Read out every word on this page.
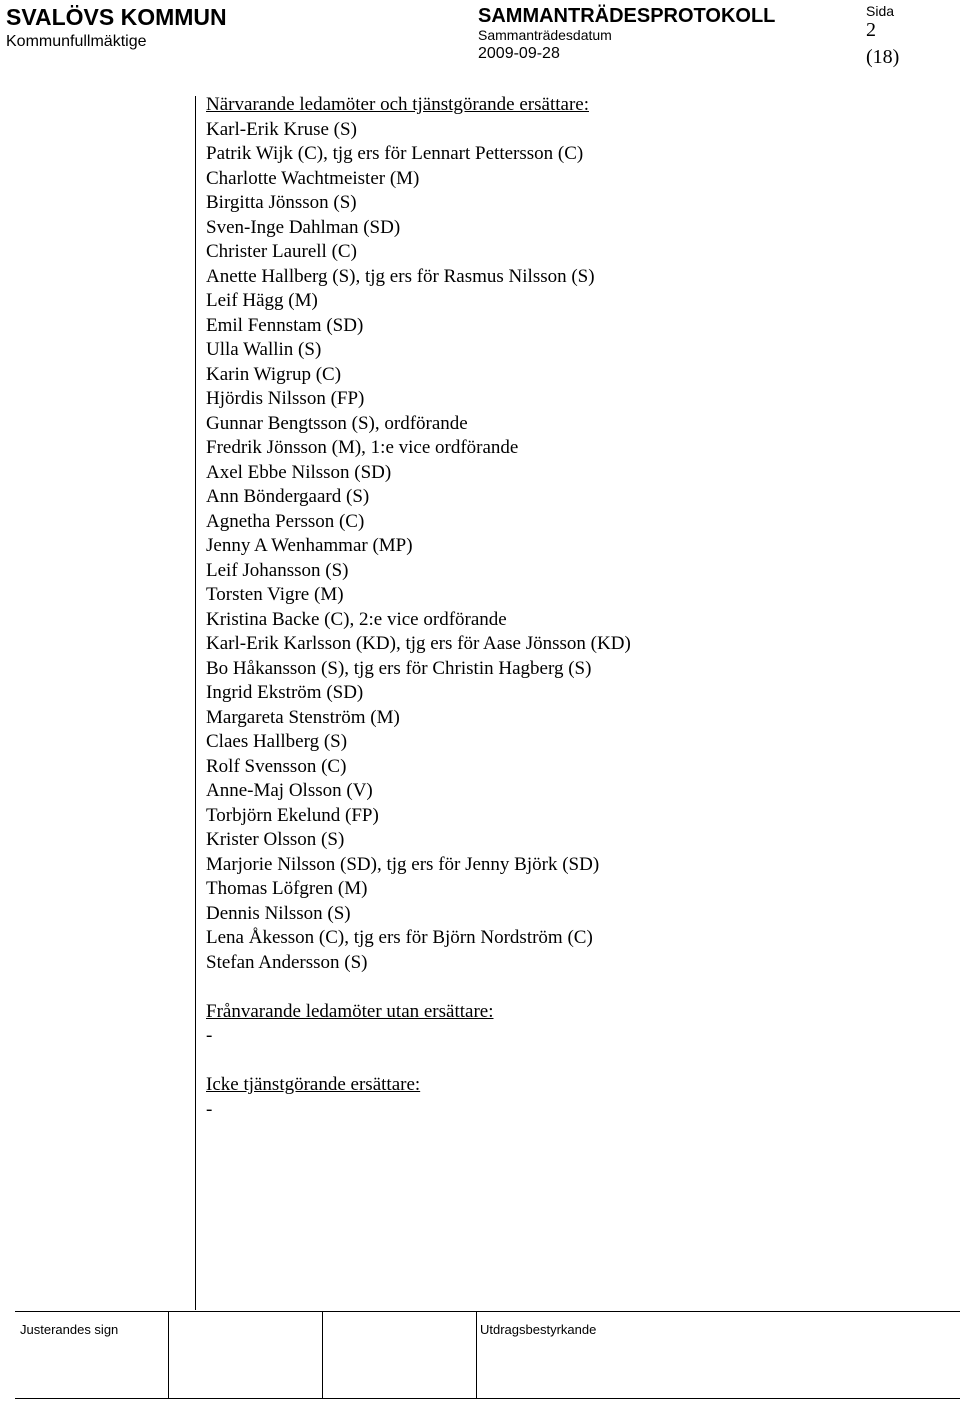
SVALÖVS KOMMUN
Kommunfullmäktige
SAMMANTRÄDESPROTOKOLL
Sammanträdesdatum
2009-09-28
Sida
2
(18)
Närvarande ledamöter och tjänstgörande ersättare:
Karl-Erik Kruse (S)
Patrik Wijk (C), tjg ers för Lennart Pettersson (C)
Charlotte Wachtmeister (M)
Birgitta Jönsson (S)
Sven-Inge Dahlman (SD)
Christer Laurell (C)
Anette Hallberg (S), tjg ers för Rasmus Nilsson (S)
Leif Hägg (M)
Emil Fennstam (SD)
Ulla Wallin (S)
Karin Wigrup (C)
Hjördis Nilsson (FP)
Gunnar Bengtsson (S), ordförande
Fredrik Jönsson (M), 1:e vice ordförande
Axel Ebbe Nilsson (SD)
Ann Böndergaard (S)
Agnetha Persson (C)
Jenny A Wenhammar (MP)
Leif Johansson (S)
Torsten Vigre (M)
Kristina Backe (C), 2:e vice ordförande
Karl-Erik Karlsson (KD), tjg ers för Aase Jönsson (KD)
Bo Håkansson (S), tjg ers för Christin Hagberg (S)
Ingrid Ekström (SD)
Margareta Stenström (M)
Claes Hallberg (S)
Rolf Svensson (C)
Anne-Maj Olsson (V)
Torbjörn Ekelund (FP)
Krister Olsson (S)
Marjorie Nilsson (SD), tjg ers för Jenny Björk (SD)
Thomas Löfgren (M)
Dennis Nilsson (S)
Lena Åkesson (C), tjg ers för Björn Nordström (C)
Stefan Andersson (S)
Frånvarande ledamöter utan ersättare:
-
Icke tjänstgörande ersättare:
-
Justerandes sign	Utdragsbestyrkande
